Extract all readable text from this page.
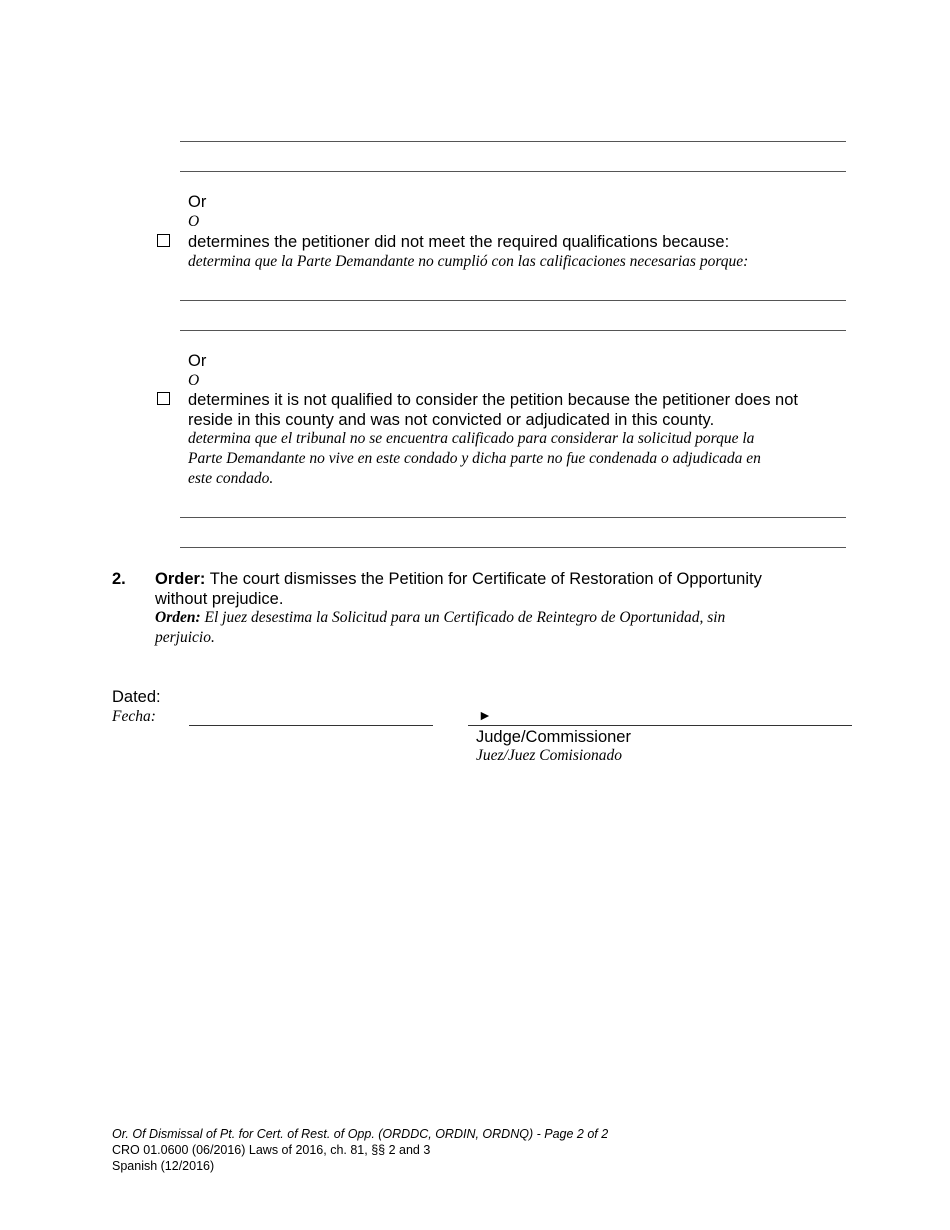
Or
O
determines the petitioner did not meet the required qualifications because:
determina que la Parte Demandante no cumplió con las calificaciones necesarias porque:
Or
O
determines it is not qualified to consider the petition because the petitioner does not
reside in this county and was not convicted or adjudicated in this county.
determina que el tribunal no se encuentra calificado para considerar la solicitud porque la
Parte Demandante no vive en este condado y dicha parte no fue condenada o adjudicada en
este condado.
2. Order: The court dismisses the Petition for Certificate of Restoration of Opportunity
without prejudice.
Orden: El juez desestima la Solicitud para un Certificado de Reintegro de Oportunidad, sin
perjuicio.
Dated:
Fecha:	►
Judge/Commissioner
Juez/Juez Comisionado
Or. Of Dismissal of Pt. for Cert. of Rest. of Opp. (ORDDC, ORDIN, ORDNQ) - Page 2 of 2
CRO 01.0600 (06/2016) Laws of 2016, ch. 81, §§ 2 and 3
Spanish (12/2016)
